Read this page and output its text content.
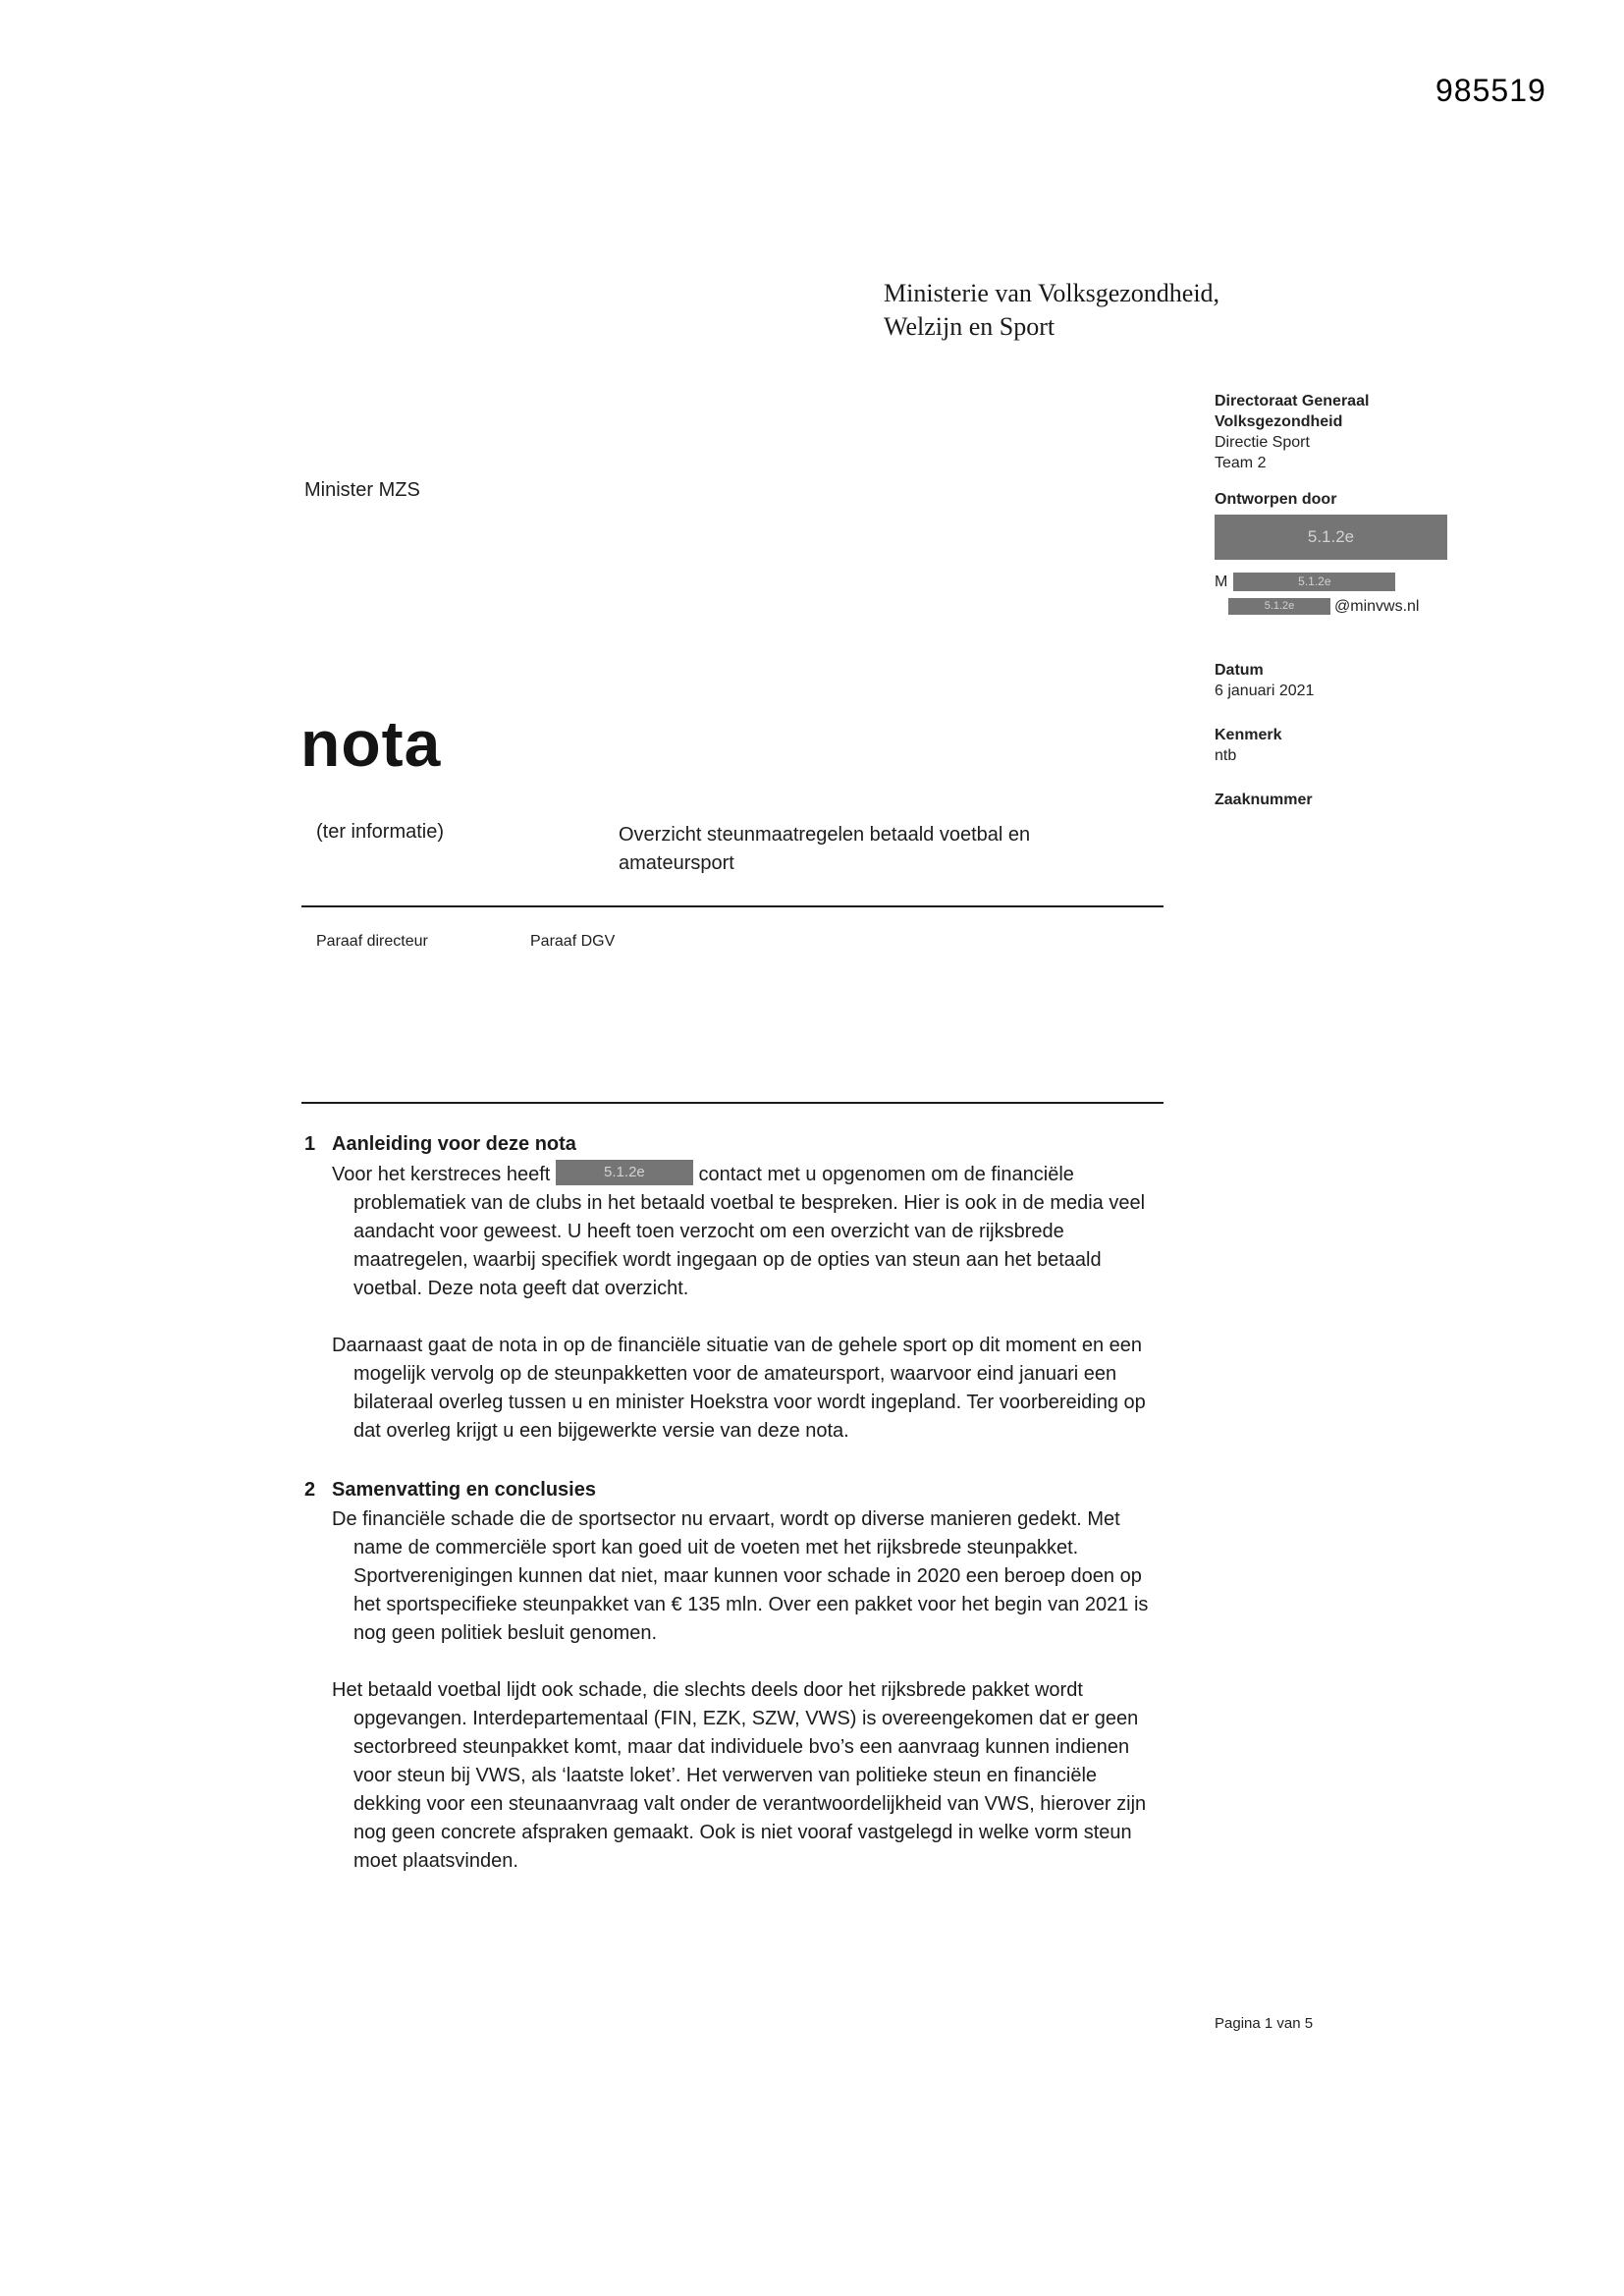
985519
Ministerie van Volksgezondheid,
Welzijn en Sport
Directoraat Generaal
Volksgezondheid
Directie Sport
Team 2
Ontworpen door
5.1.2e
M	5.1.2e
5.1.2e	@minvws.nl
Datum
6 januari 2021
Kenmerk
ntb
Zaaknummer
Minister MZS
nota
(ter informatie)	Overzicht steunmaatregelen betaald voetbal en amateursport
Paraaf directeur	Paraaf DGV
1 Aanleiding voor deze nota

Voor het kerstreces heeft	5.1.2e contact met u opgenomen om de financiële problematiek van de clubs in het betaald voetbal te bespreken. Hier is ook in de media veel aandacht voor geweest. U heeft toen verzocht om een overzicht van de rijksbrede maatregelen, waarbij specifiek wordt ingegaan op de opties van steun aan het betaald voetbal. Deze nota geeft dat overzicht.

Daarnaast gaat de nota in op de financiële situatie van de gehele sport op dit moment en een mogelijk vervolg op de steunpakketten voor de amateursport, waarvoor eind januari een bilateraal overleg tussen u en minister Hoekstra voor wordt ingepland. Ter voorbereiding op dat overleg krijgt u een bijgewerkte versie van deze nota.

2 Samenvatting en conclusies

De financiële schade die de sportsector nu ervaart, wordt op diverse manieren gedekt. Met name de commerciële sport kan goed uit de voeten met het rijksbrede steunpakket. Sportverenigingen kunnen dat niet, maar kunnen voor schade in 2020 een beroep doen op het sportspecifieke steunpakket van € 135 mln. Over een pakket voor het begin van 2021 is nog geen politiek besluit genomen.

Het betaald voetbal lijdt ook schade, die slechts deels door het rijksbrede pakket wordt opgevangen. Interdepartementaal (FIN, EZK, SZW, VWS) is overeengekomen dat er geen sectorbreed steunpakket komt, maar dat individuele bvo’s een aanvraag kunnen indienen voor steun bij VWS, als ‘laatste loket’. Het verwerven van politieke steun en financiële dekking voor een steunaanvraag valt onder de verantwoordelijkheid van VWS, hierover zijn nog geen concrete afspraken gemaakt. Ook is niet vooraf vastgelegd in welke vorm steun moet plaatsvinden.

Pagina 1 van 5
